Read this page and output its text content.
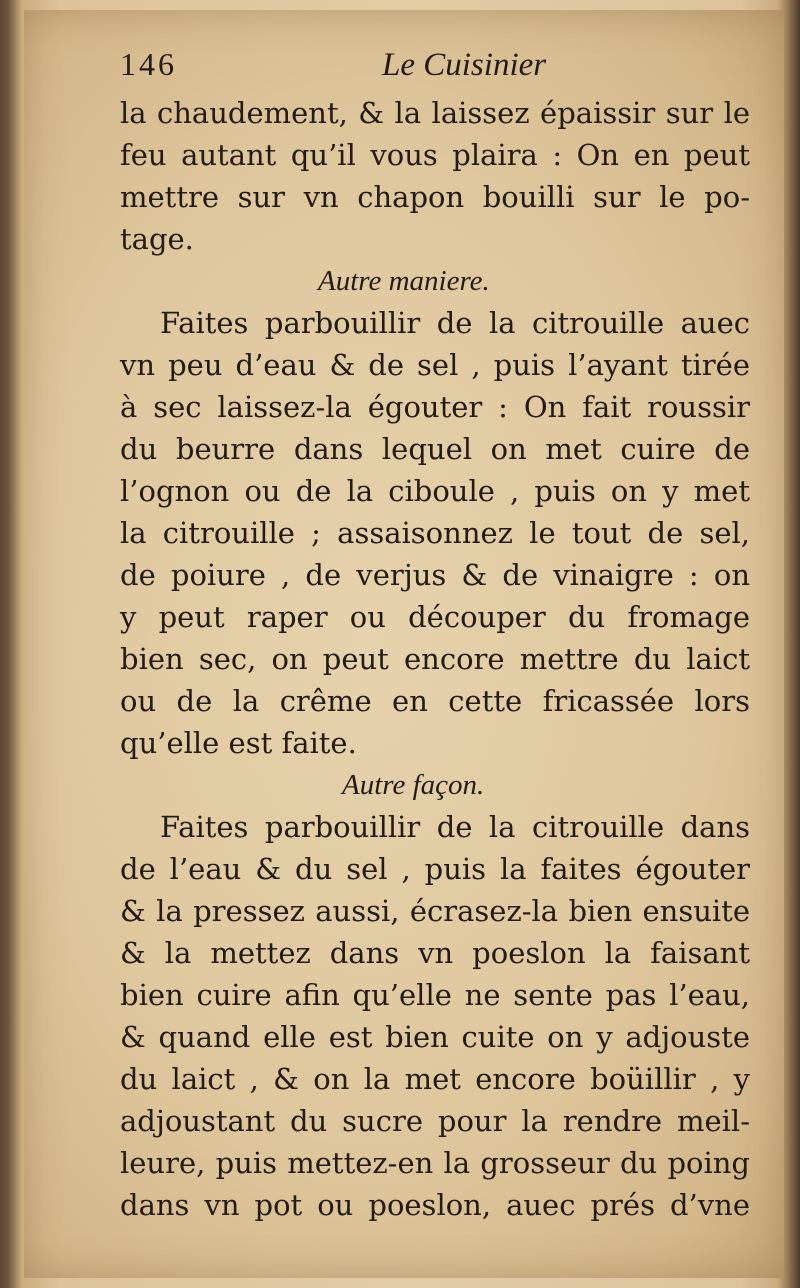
146	Le Cuisinier
la chaudement, & la laissez épaissir sur le
feu autant qu’il vous plaira : On en peut
mettre sur vn chapon bouilli sur le po-
tage.
Autre maniere.
Faites parbouillir de la citrouille auec
vn peu d’eau & de sel , puis l’ayant tirée
à sec laissez-la égouter : On fait roussir
du beurre dans lequel on met cuire de
l’ognon ou de la ciboule , puis on y met
la citrouille ; assaisonnez le tout de sel,
de poiure , de verjus & de vinaigre : on
y peut raper ou découper du fromage
bien sec, on peut encore mettre du laict
ou de la crême en cette fricassée lors
qu’elle est faite.
Autre façon.
Faites parbouillir de la citrouille dans
de l’eau & du sel , puis la faites égouter
& la pressez aussi, écrasez-la bien ensuite
& la mettez dans vn poeslon la faisant
bien cuire afin qu’elle ne sente pas l’eau,
& quand elle est bien cuite on y adjouste
du laict , & on la met encore boüillir , y
adjoustant du sucre pour la rendre meil-
leure, puis mettez-en la grosseur du poing
dans vn pot ou poeslon, auec prés d’vne
